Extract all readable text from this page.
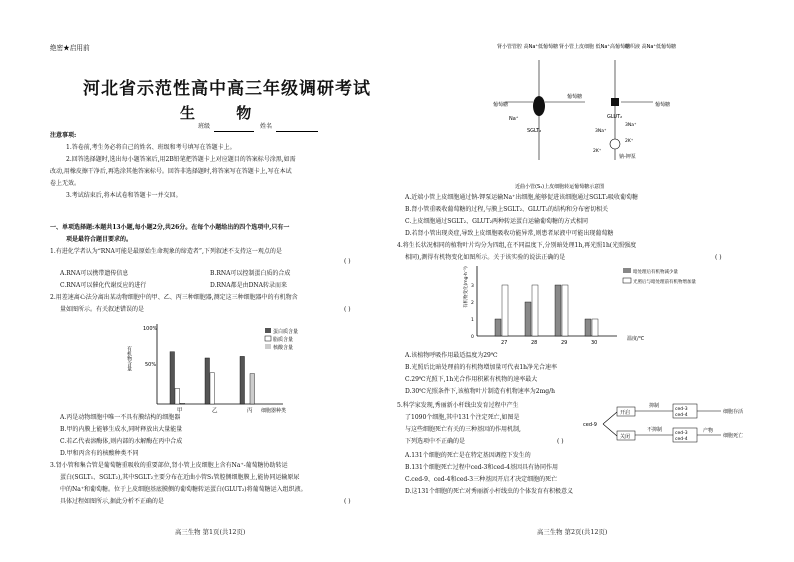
绝密★启用前
河北省示范性高中高三年级调研考试
生 物
班级	姓名
注意事项:
1.答卷前,考生务必将自己的姓名、班级和考号填写在答题卡上。
2.回答选择题时,选出每小题答案后,用2B铅笔把答题卡上对应题目的答案标号涂黑,如需
改动,用橡皮擦干净后,再选涂其他答案标号。回答非选择题时,将答案写在答题卡上,写在本试
卷上无效。
3.考试结束后,将本试卷和答题卡一并交回。
一、单项选择题:本题共13小题,每小题2分,共26分。在每个小题给出的四个选项中,只有一
项是最符合题目要求的。
1.有进化学者认为“RNA可能是最原始生命现象的缔造者”,下列叙述不支持这一观点的是
( )
A.RNA可以携带遗传信息	B.RNA可以控制蛋白质的合成
C.RNA可以催化代谢反应的进行	D.RNA都是由DNA转录而来
2.用差速离心法分离出某动物细胞中的甲、乙、丙三种细胞器,测定这三种细胞器中的有机物含
量如图所示。有关叙述错误的是	( )
100%
50%
有机物含量
甲	乙	丙 细胞器种类
蛋白质含量
脂质含量
核酸含量
A.丙是动物细胞中唯一不具有膜结构的细胞器
B.甲的内膜上能够生成水,同时释放出大量能量
C.若乙代表溶酶体,则内部的水解酶在丙中合成
D.甲和丙含有的核酸种类不同
3.肾小管和集合管是葡萄糖重吸收的重要部位,肾小管上皮细胞上含有Na⁺-葡萄糖协助转运
蛋白(SGLT₁、SGLT₂),其中SGLT₂主要分布在近曲小管S₁管腔侧细胞膜上,能协同运输原尿
中的Na⁺和葡萄糖。位于上皮细胞基底膜侧的葡萄糖转运蛋白(GLUT₂)将葡萄糖运入组织液。
具体过程如图所示,据此分析不正确的是	( )
高三生物 第1页(共12页)
肾小管管腔 高Na⁺低葡萄糖 肾小管上皮细胞 低Na⁺高葡萄糖
组织液 高Na⁺低葡萄糖
葡萄糖
葡萄糖
葡萄糖
Na⁺
SGLT₂
GLUT₂
3Na⁺
3Na⁺
2K⁺
2K⁺
钠-钾泵
近曲小管(S₁)上皮细胞转运葡萄糖示意图
A.近端小管上皮细胞通过钠-钾泵运输Na⁺出细胞,能够促进该细胞通过SGLT₂吸收葡萄糖
B.肾小管重吸收葡萄糖的过程,与膜上SGLT₂、GLUT₂的结构和分布密切相关
C.上皮细胞通过SGLT₂、GLUT₂两种转运蛋白运输葡萄糖的方式相同
D.若肾小管出现炎症,导致上皮细胞吸收功能异常,则患者尿液中可能出现葡萄糖
4.将生长状况相同的植物叶片均分为四组,在不同温度下,分别暗处理1h,再光照1h(光照强度
相同),测得有机物变化如图所示。关于该实验的说法正确的是	( )
有机物变化(mg·h⁻¹)
0
1
2
3
27	28	29	30
温度/℃
暗处理后有机物减少量
光照后与暗处理前有机物增加量
A.该植物呼吸作用最适温度为29℃
B.光照后比暗处理前的有机物增加量可代表1h净光合速率
C.29℃光照下,1h光合作用积累有机物的速率最大
D.30℃光照条件下,该植物叶片制造有机物速率为2mg/h
5.科学家发现,秀丽新小杆线虫发育过程中产生
了1090个细胞,其中131个注定死亡,如图是
与这些细胞死亡有关的三种基因的作用机制,
下列选项中不正确的是	( )
ced-9
开启
关闭
抑制
不抑制
ced-3
ced-4
ced-3
ced-4
细胞存活
产物
细胞死亡
A.131个细胞的死亡是在特定基因调控下发生的
B.131个细胞死亡过程中ced-3和ced-4基因具有协同作用
C.ced-9、ced-4和ced-3三种基因开启才决定细胞的死亡
D.这131个细胞的死亡对秀丽新小杆线虫的个体发育有积极意义
高三生物 第2页(共12页)
